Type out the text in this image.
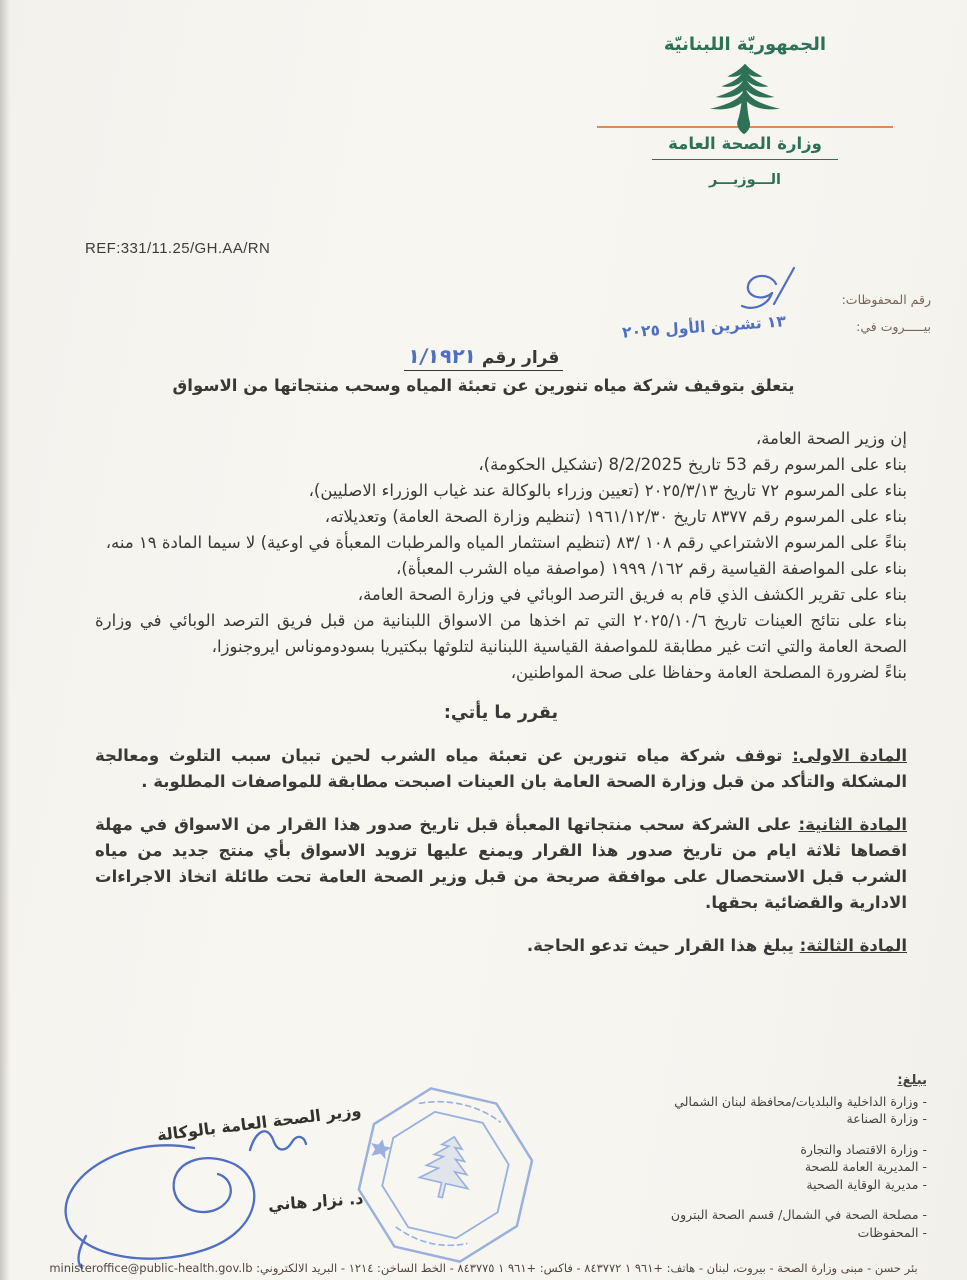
الجمهوريّة اللبنانيّة
وزارة الصحة العامة
الـــوزيـــر
REF:331/11.25/GH.AA/RN
رقم المحفوظات:
بيـــــروت في:
١٣ تشرين الأول ٢٠٢٥
قرار رقم ١/١٩٢١
يتعلق بتوقيف شركة مياه تنورين عن تعبئة المياه وسحب منتجاتها من الاسواق
إن وزير الصحة العامة،
بناء على المرسوم رقم 53 تاريخ 8/2/2025 (تشكيل الحكومة)،
بناء على المرسوم ٧٢ تاريخ ٢٠٢٥/٣/١٣ (تعيين وزراء بالوكالة عند غياب الوزراء الاصليين)،
بناء على المرسوم رقم ٨٣٧٧ تاريخ ١٩٦١/١٢/٣٠ (تنظيم وزارة الصحة العامة) وتعديلاته،
بناءً على المرسوم الاشتراعي رقم ١٠٨ /٨٣ (تنظيم استثمار المياه والمرطبات المعبأة في اوعية) لا سيما المادة ١٩ منه،
بناء على المواصفة القياسية رقم ١٦٢/ ١٩٩٩ (مواصفة مياه الشرب المعبأة)،
بناء على تقرير الكشف الذي قام به فريق الترصد الوبائي في وزارة الصحة العامة،
بناء على نتائج العينات تاريخ ٢٠٢٥/١٠/٦ التي تم اخذها من الاسواق اللبنانية من قبل فريق الترصد الوبائي في وزارة الصحة العامة والتي اتت غير مطابقة للمواصفة القياسية اللبنانية لتلوثها ببكتيريا بسودوموناس ايروجنوزا،
بناءً لضرورة المصلحة العامة وحفاظا على صحة المواطنين،
يقرر ما يأتي:
المادة الاولى: توقف شركة مياه تنورين عن تعبئة مياه الشرب لحين تبيان سبب التلوث ومعالجة المشكلة والتأكد من قبل وزارة الصحة العامة بان العينات اصبحت مطابقة للمواصفات المطلوبة .
المادة الثانية: على الشركة سحب منتجاتها المعبأة قبل تاريخ صدور هذا القرار من الاسواق في مهلة اقصاها ثلاثة ايام من تاريخ صدور هذا القرار ويمنع عليها تزويد الاسواق بأي منتج جديد من مياه الشرب قبل الاستحصال على موافقة صريحة من قبل وزير الصحة العامة تحت طائلة اتخاذ الاجراءات الادارية والقضائية بحقها.
المادة الثالثة: يبلغ هذا القرار حيث تدعو الحاجة.
يبلغ:
- وزارة الداخلية والبلديات/محافظة لبنان الشمالي
- وزارة الصناعة
- وزارة الاقتصاد والتجارة
- المديرية العامة للصحة
- مديرية الوقاية الصحية
- مصلحة الصحة في الشمال/ قسم الصحة البترون
- المحفوظات
وزير الصحة العامة بالوكالة
د. نزار هاني
بئر حسن - مبنى وزارة الصحة - بيروت، لبنان - هاتف: +٩٦١ ١ ٨٤٣٧٧٢ - فاكس: +٩٦١ ١ ٨٤٣٧٧٥ - الخط الساخن: ١٢١٤ - البريد الالكتروني: ministeroffice@public-health.gov.lb
